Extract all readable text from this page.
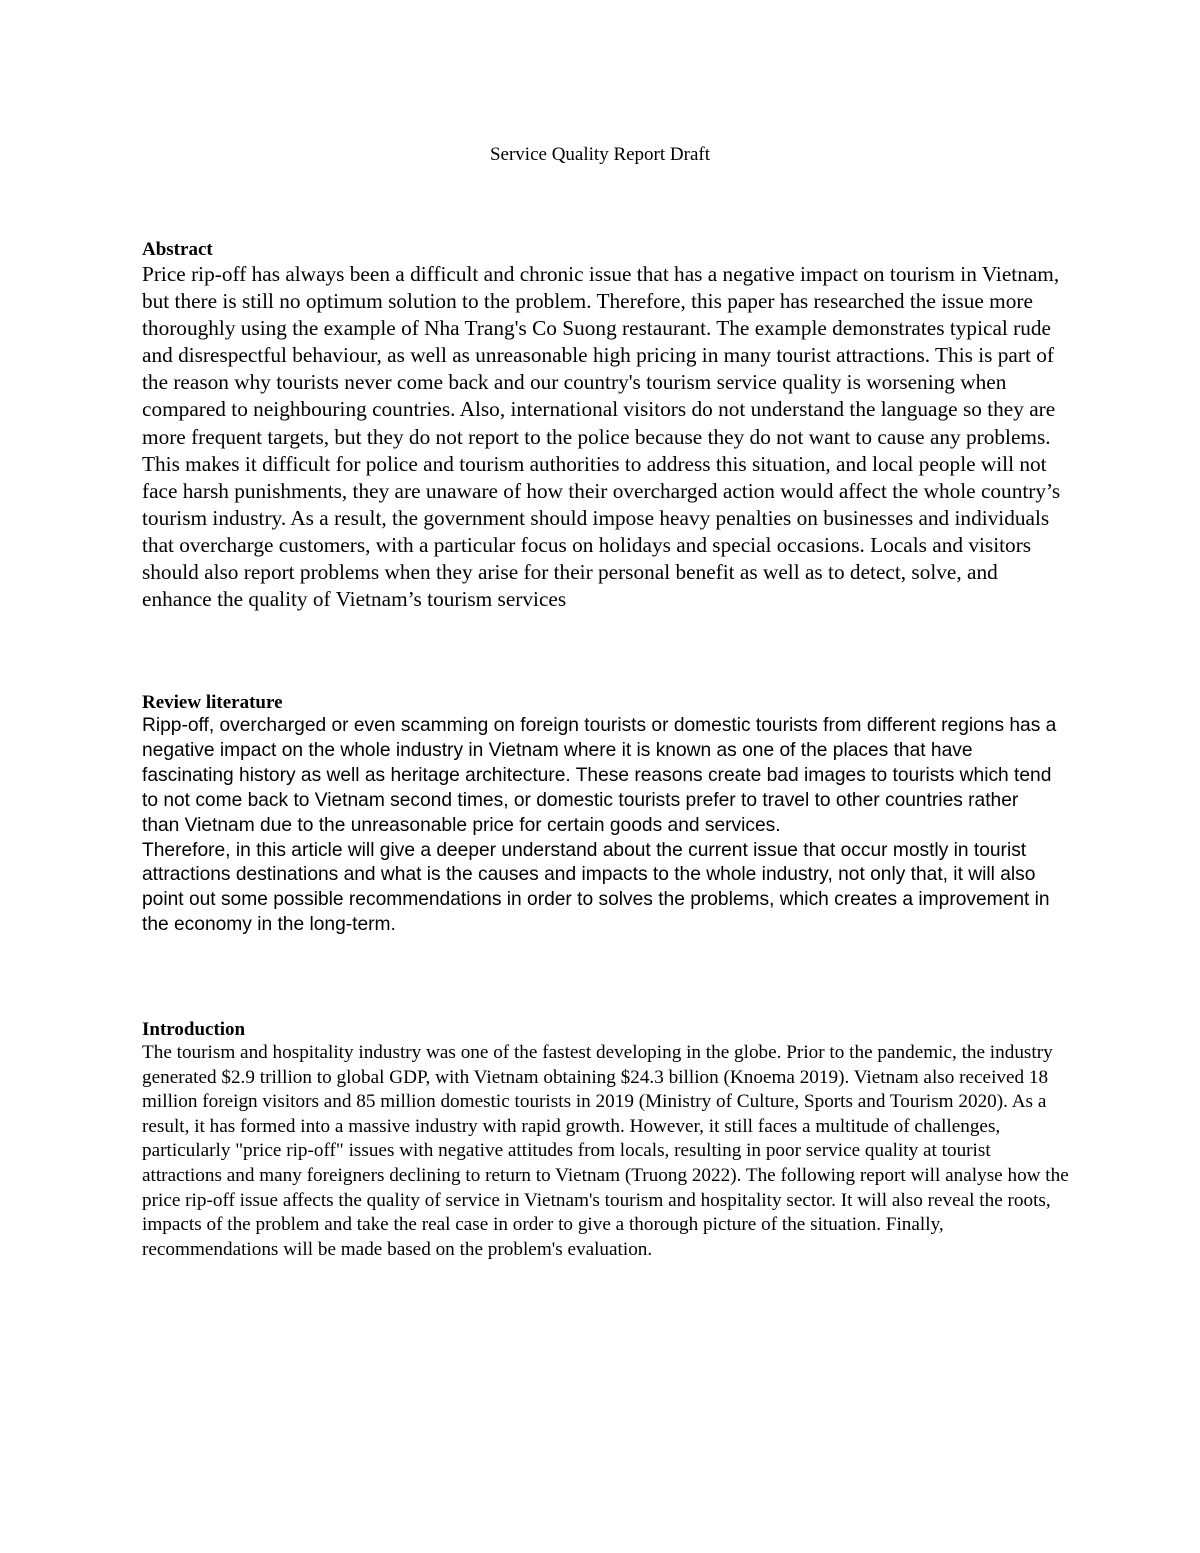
Service Quality Report Draft

Abstract

Price rip-off has always been a difficult and chronic issue that has a negative impact on tourism in Vietnam, but there is still no optimum solution to the problem. Therefore, this paper has researched the issue more thoroughly using the example of Nha Trang's Co Suong restaurant. The example demonstrates typical rude and disrespectful behaviour, as well as unreasonable high pricing in many tourist attractions. This is part of the reason why tourists never come back and our country's tourism service quality is worsening when compared to neighbouring countries. Also, international visitors do not understand the language so they are more frequent targets, but they do not report to the police because they do not want to cause any problems. This makes it difficult for police and tourism authorities to address this situation, and local people will not face harsh punishments, they are unaware of how their overcharged action would affect the whole country’s tourism industry. As a result, the government should impose heavy penalties on businesses and individuals that overcharge customers, with a particular focus on holidays and special occasions. Locals and visitors should also report problems when they arise for their personal benefit as well as to detect, solve, and enhance the quality of Vietnam’s tourism services

Review literature

Ripp-off, overcharged or even scamming on foreign tourists or domestic tourists from different regions has a negative impact on the whole industry in Vietnam where it is known as one of the places that have fascinating history as well as heritage architecture. These reasons create bad images to tourists which tend to not come back to Vietnam second times, or domestic tourists prefer to travel to other countries rather than Vietnam due to the unreasonable price for certain goods and services.

Therefore, in this article will give a deeper understand about the current issue that occur mostly in tourist attractions destinations and what is the causes and impacts to the whole industry, not only that, it will also point out some possible recommendations in order to solves the problems, which creates a improvement in the economy in the long-term.

Introduction

The tourism and hospitality industry was one of the fastest developing in the globe. Prior to the pandemic, the industry generated $2.9 trillion to global GDP, with Vietnam obtaining $24.3 billion (Knoema 2019). Vietnam also received 18 million foreign visitors and 85 million domestic tourists in 2019 (Ministry of Culture, Sports and Tourism 2020). As a result, it has formed into a massive industry with rapid growth. However, it still faces a multitude of challenges, particularly "price rip-off" issues with negative attitudes from locals, resulting in poor service quality at tourist attractions and many foreigners declining to return to Vietnam (Truong 2022). The following report will analyse how the price rip-off issue affects the quality of service in Vietnam's tourism and hospitality sector. It will also reveal the roots, impacts of the problem and take the real case in order to give a thorough picture of the situation. Finally, recommendations will be made based on the problem's evaluation.
